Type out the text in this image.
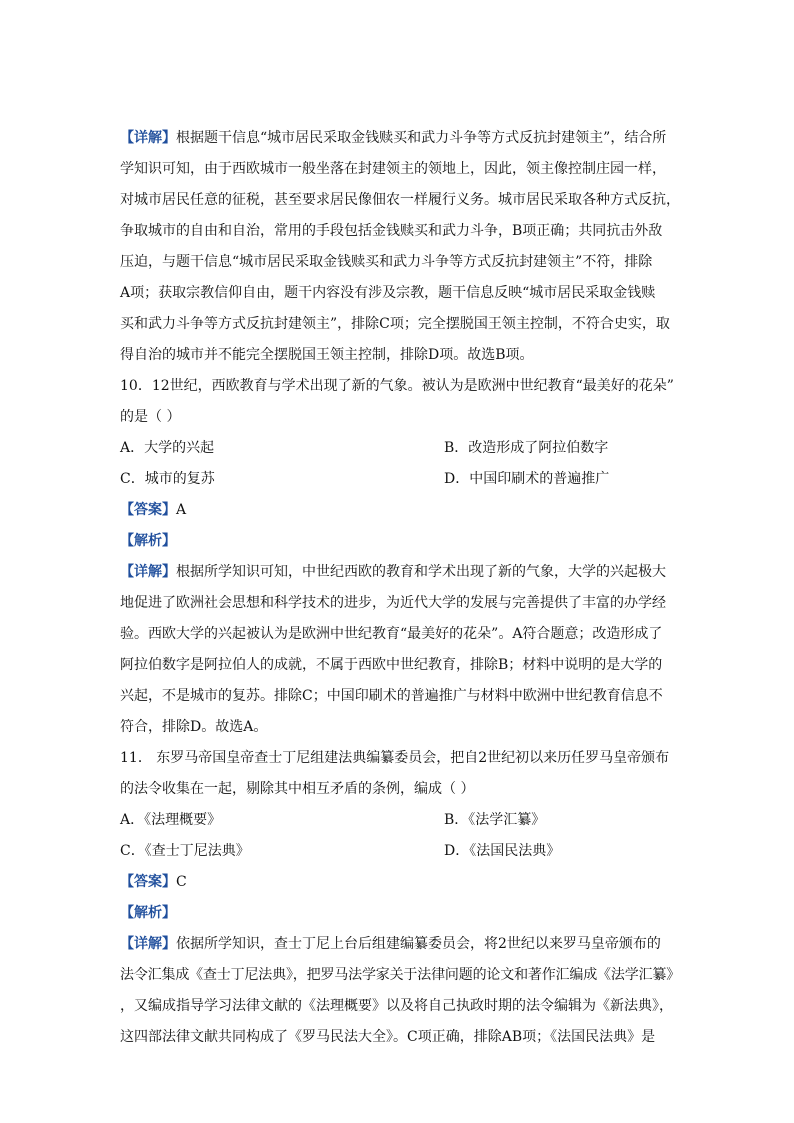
【详解】根据题干信息“城市居民采取金钱赎买和武力斗争等方式反抗封建领主”，结合所
学知识可知，由于西欧城市一般坐落在封建领主的领地上，因此，领主像控制庄园一样，
对城市居民任意的征税，甚至要求居民像佃农一样履行义务。城市居民采取各种方式反抗，
争取城市的自由和自治，常用的手段包括金钱赎买和武力斗争，B项正确；共同抗击外敌
压迫，与题干信息“城市居民采取金钱赎买和武力斗争等方式反抗封建领主”不符，排除
A项；获取宗教信仰自由，题干内容没有涉及宗教，题干信息反映“城市居民采取金钱赎
买和武力斗争等方式反抗封建领主”，排除C项；完全摆脱国王领主控制，不符合史实，取
得自治的城市并不能完全摆脱国王领主控制，排除D项。故选B项。
10．12世纪，西欧教育与学术出现了新的气象。被认为是欧洲中世纪教育“最美好的花朵”
的是（ ）
A．大学的兴起	B．改造形成了阿拉伯数字
C．城市的复苏	D．中国印刷术的普遍推广
【答案】A
【解析】
【详解】根据所学知识可知，中世纪西欧的教育和学术出现了新的气象，大学的兴起极大
地促进了欧洲社会思想和科学技术的进步，为近代大学的发展与完善提供了丰富的办学经
验。西欧大学的兴起被认为是欧洲中世纪教育“最美好的花朵”。A符合题意；改造形成了
阿拉伯数字是阿拉伯人的成就，不属于西欧中世纪教育，排除B；材料中说明的是大学的
兴起，不是城市的复苏。排除C；中国印刷术的普遍推广与材料中欧洲中世纪教育信息不
符合，排除D。故选A。
11． 东罗马帝国皇帝查士丁尼组建法典编纂委员会，把自2世纪初以来历任罗马皇帝颁布
的法令收集在一起，剔除其中相互矛盾的条例，编成（ ）
A．《法理概要》	B．《法学汇纂》
C．《查士丁尼法典》	D．《法国民法典》
【答案】C
【解析】
【详解】依据所学知识，查士丁尼上台后组建编纂委员会，将2世纪以来罗马皇帝颁布的
法令汇集成《查士丁尼法典》，把罗马法学家关于法律问题的论文和著作汇编成《法学汇纂》
，又编成指导学习法律文献的《法理概要》以及将自己执政时期的法令编辑为《新法典》，
这四部法律文献共同构成了《罗马民法大全》。C项正确，排除AB项；《法国民法典》是
